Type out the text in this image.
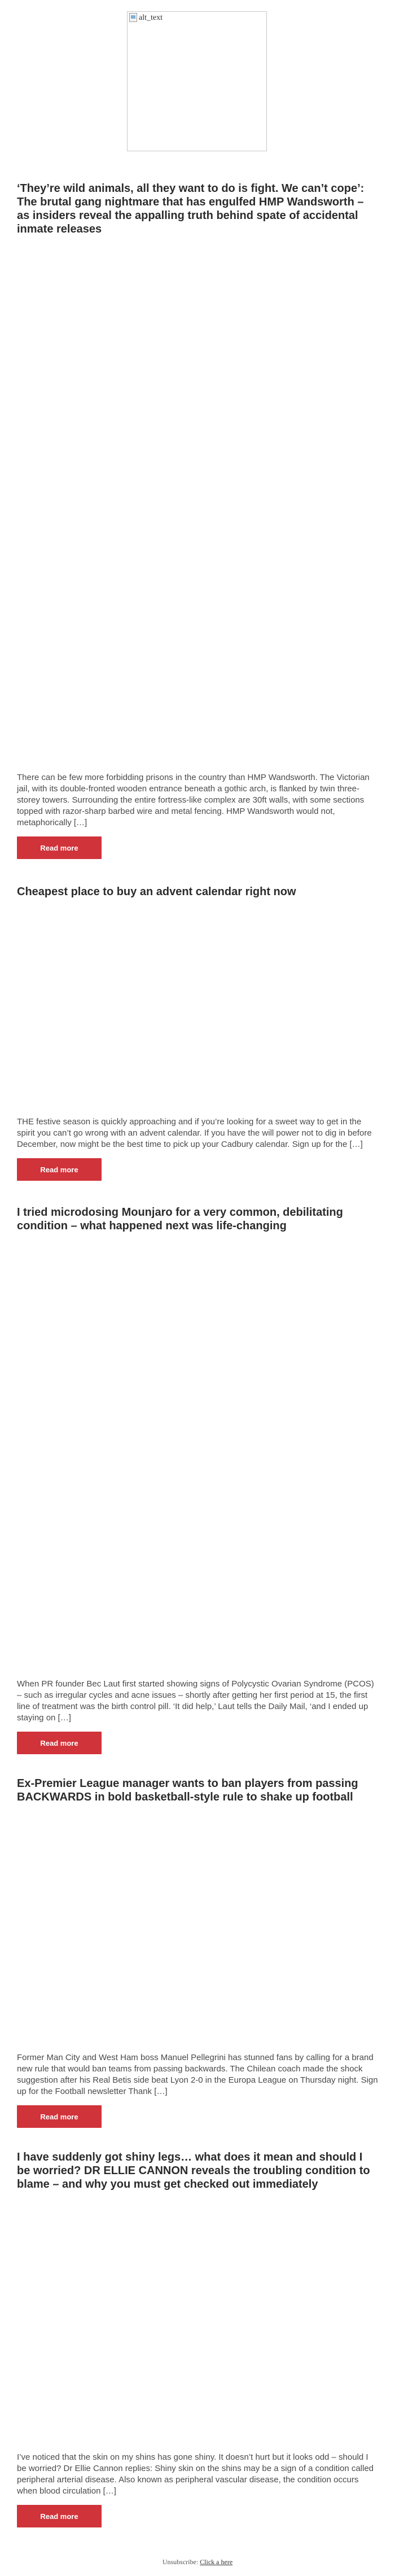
alt_text
‘They’re wild animals, all they want to do is fight. We can’t cope’: The brutal gang nightmare that has engulfed HMP Wandsworth – as insiders reveal the appalling truth behind spate of accidental inmate releases

There can be few more forbidding prisons in the country than HMP Wandsworth. The Victorian jail, with its double-fronted wooden entrance beneath a gothic arch, is flanked by twin three-storey towers. Surrounding the entire fortress-like complex are 30ft walls, with some sections topped with razor-sharp barbed wire and metal fencing. HMP Wandsworth would not, metaphorically […]

Read more
Cheapest place to buy an advent calendar right now

THE festive season is quickly approaching and if you’re looking for a sweet way to get in the spirit you can’t go wrong with an advent calendar. If you have the will power not to dig in before December, now might be the best time to pick up your Cadbury calendar. Sign up for the […]

Read more
I tried microdosing Mounjaro for a very common, debilitating condition – what happened next was life-changing

When PR founder Bec Laut first started showing signs of Polycystic Ovarian Syndrome (PCOS) – such as irregular cycles and acne issues – shortly after getting her first period at 15, the first line of treatment was the birth control pill. ‘It did help,’ Laut tells the Daily Mail, ‘and I ended up staying on […]

Read more
Ex-Premier League manager wants to ban players from passing BACKWARDS in bold basketball-style rule to shake up football

Former Man City and West Ham boss Manuel Pellegrini has stunned fans by calling for a brand new rule that would ban teams from passing backwards. The Chilean coach made the shock suggestion after his Real Betis side beat Lyon 2-0 in the Europa League on Thursday night. Sign up for the Football newsletter Thank […]

Read more
I have suddenly got shiny legs… what does it mean and should I be worried? DR ELLIE CANNON reveals the troubling condition to blame – and why you must get checked out immediately

I’ve noticed that the skin on my shins has gone shiny. It doesn’t hurt but it looks odd – should I be worried? Dr Ellie Cannon replies: Shiny skin on the shins may be a sign of a condition called peripheral arterial disease. Also known as peripheral vascular disease, the condition occurs when blood circulation […]

Read more
Unsubscribe: Click a here
